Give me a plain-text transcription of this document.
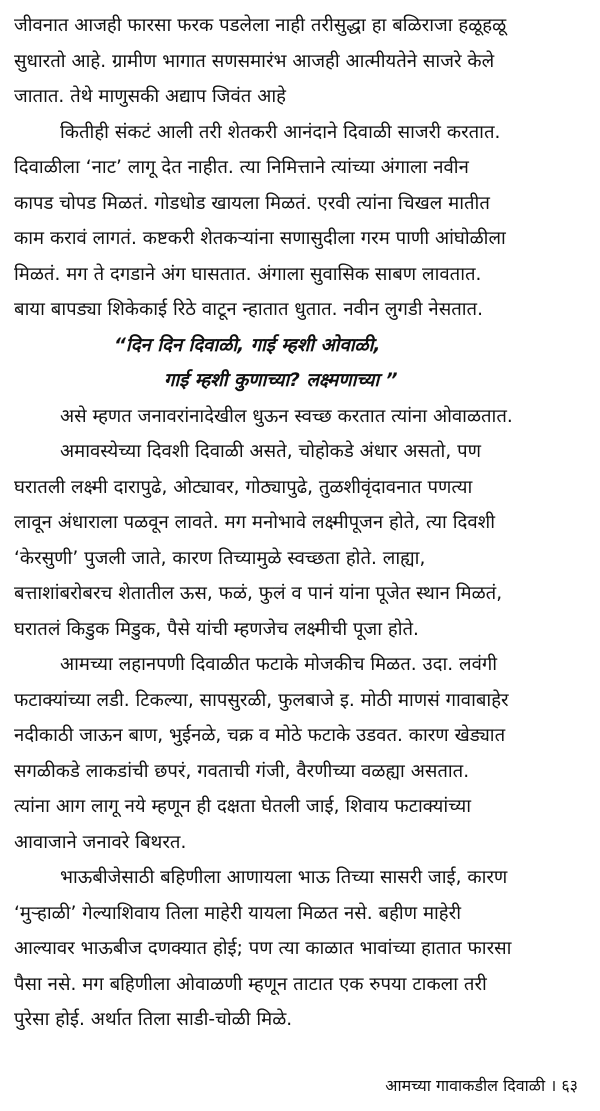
जीवनात आजही फारसा फरक पडलेला नाही तरीसुद्धा हा बळिराजा हळूहळू
सुधारतो आहे. ग्रामीण भागात सणसमारंभ आजही आत्मीयतेने साजरे केले
जातात. तेथे माणुसकी अद्याप जिवंत आहे

कितीही संकटं आली तरी शेतकरी आनंदाने दिवाळी साजरी करतात.
दिवाळीला ‘नाट’ लागू देत नाहीत. त्या निमित्ताने त्यांच्या अंगाला नवीन
कापड चोपड मिळतं. गोडधोड खायला मिळतं. एरवी त्यांना चिखल मातीत
काम करावं लागतं. कष्टकरी शेतकऱ्यांना सणासुदीला गरम पाणी आंघोळीला
मिळतं. मग ते दगडाने अंग घासतात. अंगाला सुवासिक साबण लावतात.
बाया बापड्या शिकेकाई रिठे वाटून न्हातात धुतात. नवीन लुगडी नेसतात.

“दिन दिन दिवाळी, गाई म्हशी ओवाळी,
गाई म्हशी कुणाच्या? लक्ष्मणाच्या ”

असे म्हणत जनावरांनादेखील धुऊन स्वच्छ करतात त्यांना ओवाळतात.

अमावस्येच्या दिवशी दिवाळी असते, चोहोकडे अंधार असतो, पण
घरातली लक्ष्मी दारापुढे, ओट्यावर, गोठ्यापुढे, तुळशीवृंदावनात पणत्या
लावून अंधाराला पळवून लावते. मग मनोभावे लक्ष्मीपूजन होते, त्या दिवशी
‘केरसुणी’ पुजली जाते, कारण तिच्यामुळे स्वच्छता होते. लाह्या,
बत्ताशांबरोबरच शेतातील ऊस, फळं, फुलं व पानं यांना पूजेत स्थान मिळतं,
घरातलं किडुक मिडुक, पैसे यांची म्हणजेच लक्ष्मीची पूजा होते.

आमच्या लहानपणी दिवाळीत फटाके मोजकीच मिळत. उदा. लवंगी
फटाक्यांच्या लडी. टिकल्या, सापसुरळी, फुलबाजे इ. मोठी माणसं गावाबाहेर
नदीकाठी जाऊन बाण, भुईनळे, चक्र व मोठे फटाके उडवत. कारण खेड्यात
सगळीकडे लाकडांची छपरं, गवताची गंजी, वैरणीच्या वळह्या असतात.
त्यांना आग लागू नये म्हणून ही दक्षता घेतली जाई, शिवाय फटाक्यांच्या
आवाजाने जनावरे बिथरत.

भाऊबीजेसाठी बहिणीला आणायला भाऊ तिच्या सासरी जाई, कारण
‘मुऱ्हाळी’ गेल्याशिवाय तिला माहेरी यायला मिळत नसे. बहीण माहेरी
आल्यावर भाऊबीज दणक्यात होई; पण त्या काळात भावांच्या हातात फारसा
पैसा नसे. मग बहिणीला ओवाळणी म्हणून ताटात एक रुपया टाकला तरी
पुरेसा होई. अर्थात तिला साडी-चोळी मिळे.

आमच्या गावाकडील दिवाळी । ६३
